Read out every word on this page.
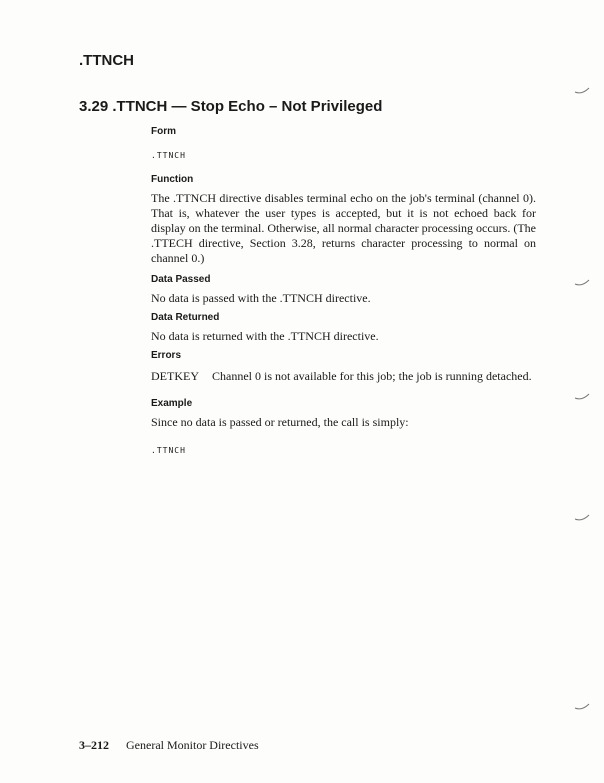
.TTNCH
3.29 .TTNCH — Stop Echo – Not Privileged

Form

.TTNCH

Function

The .TTNCH directive disables terminal echo on the job's terminal (channel 0). That is, whatever the user types is accepted, but it is not echoed back for display on the terminal. Otherwise, all normal character processing occurs. (The .TTECH directive, Section 3.28, returns character processing to normal on channel 0.)

Data Passed

No data is passed with the .TTNCH directive.

Data Returned

No data is returned with the .TTNCH directive.

Errors

DETKEY	Channel 0 is not available for this job; the job is running detached.

Example

Since no data is passed or returned, the call is simply:

.TTNCH

3–212 General Monitor Directives
